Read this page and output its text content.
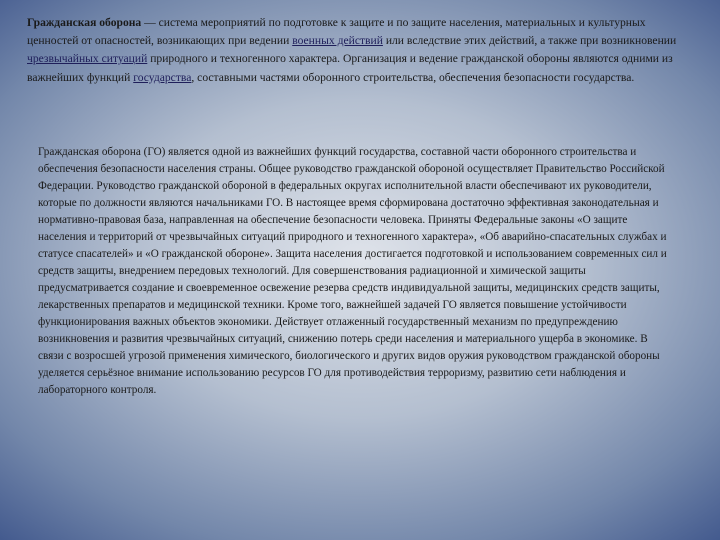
Гражданская оборона — система мероприятий по подготовке к защите и по защите населения, материальных и культурных ценностей от опасностей, возникающих при ведении военных действий или вследствие этих действий, а также при возникновении чрезвычайных ситуаций природного и техногенного характера. Организация и ведение гражданской обороны являются одними из важнейших функций государства, составными частями оборонного строительства, обеспечения безопасности государства.

Гражданская оборона (ГО) является одной из важнейших функций государства, составной части оборонного строительства и обеспечения безопасности населения страны. Общее руководство гражданской обороной осуществляет Правительство Российской Федерации. Руководство гражданской обороной в федеральных округах исполнительной власти обеспечивают их руководители, которые по должности являются начальниками ГО. В настоящее время сформирована достаточно эффективная законодательная и нормативно-правовая база, направленная на обеспечение безопасности человека. Приняты Федеральные законы «О защите населения и территорий от чрезвычайных ситуаций природного и техногенного характера», «Об аварийно-спасательных службах и статусе спасателей» и «О гражданской обороне». Защита населения достигается подготовкой и использованием современных сил и средств защиты, внедрением передовых технологий. Для совершенствования радиационной и химической защиты предусматривается создание и своевременное освежение резерва средств индивидуальной защиты, медицинских средств защиты, лекарственных препаратов и медицинской техники. Кроме того, важнейшей задачей ГО является повышение устойчивости функционирования важных объектов экономики. Действует отлаженный государственный механизм по предупреждению возникновения и развития чрезвычайных ситуаций, снижению потерь среди населения и материального ущерба в экономике. В связи с возросшей угрозой применения химического, биологического и других видов оружия руководством гражданской обороны уделяется серьёзное внимание использованию ресурсов ГО для противодействия терроризму, развитию сети наблюдения и лабораторного контроля.
